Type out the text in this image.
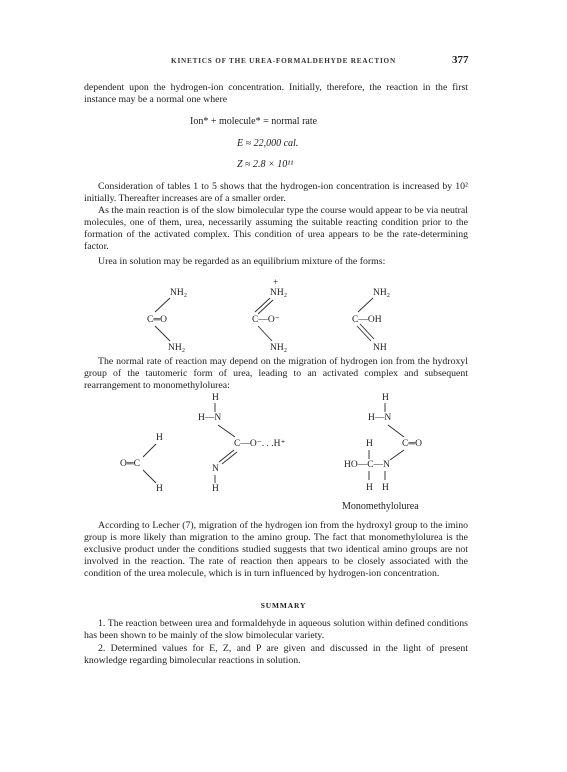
KINETICS OF THE UREA-FORMALDEHYDE REACTION	377

dependent upon the hydrogen-ion concentration. Initially, therefore, the reaction in the first instance may be a normal one where

Ion* + molecule* = normal rate
E ≈ 22,000 cal.
Z ≈ 2.8 × 10¹¹

Consideration of tables 1 to 5 shows that the hydrogen-ion concentration is increased by 10² initially. Thereafter increases are of a smaller order.

As the main reaction is of the slow bimolecular type the course would appear to be via neutral molecules, one of them, urea, necessarily assuming the suitable reacting condition prior to the formation of the activated complex. This condition of urea appears to be the rate-determining factor.

Urea in solution may be regarded as an equilibrium mixture of the forms:

NH₂
C═O
NH₂
+
NH₂
C—O⁻
NH₂
NH₂
C—OH
NH

The normal rate of reaction may depend on the migration of hydrogen ion from the hydroxyl group of the tautomeric form of urea, leading to an activated complex and subsequent rearrangement to monomethylolurea:

H
O═C
H
H
H—N
C—O⁻. . .H⁺
N
H
H
H—N
C═O
H
HO—C—N
H H
Monomethylolurea

According to Lecher (7), migration of the hydrogen ion from the hydroxyl group to the imino group is more likely than migration to the amino group. The fact that monomethylolurea is the exclusive product under the conditions studied suggests that two identical amino groups are not involved in the reaction. The rate of reaction then appears to be closely associated with the condition of the urea molecule, which is in turn influenced by hydrogen-ion concentration.

SUMMARY

1. The reaction between urea and formaldehyde in aqueous solution within defined conditions has been shown to be mainly of the slow bimolecular variety.

2. Determined values for E, Z, and P are given and discussed in the light of present knowledge regarding bimolecular reactions in solution.
